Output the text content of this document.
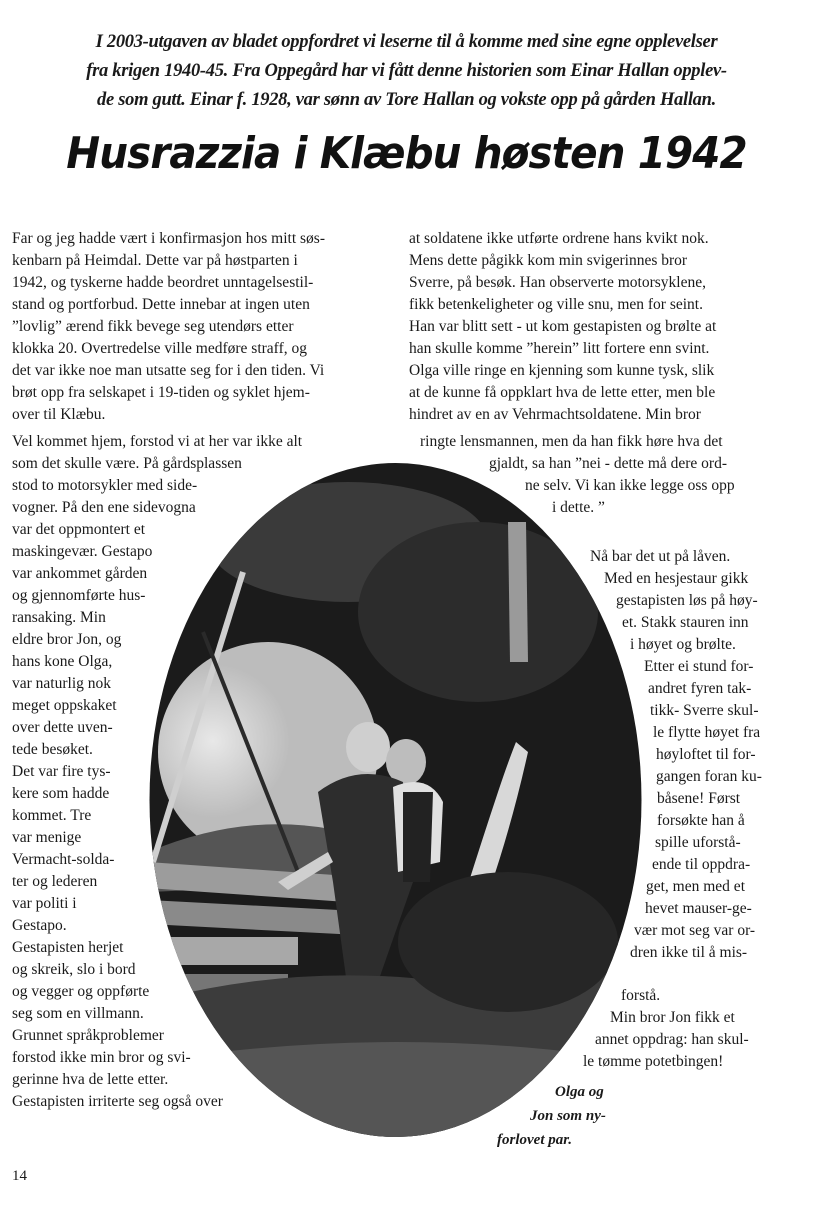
I 2003-utgaven av bladet oppfordret vi leserne til å komme med sine egne opplevelser
fra krigen 1940-45. Fra Oppegård har vi fått denne historien som Einar Hallan opplev-
de som gutt. Einar f. 1928, var sønn av Tore Hallan og vokste opp på gården Hallan.
Husrazzia i Klæbu høsten 1942
Far og jeg hadde vært i konfirmasjon hos mitt søs-
kenbarn på Heimdal. Dette var på høstparten i
1942, og tyskerne hadde beordret unntagelsestil-
stand og portforbud. Dette innebar at ingen uten
”lovlig” ærend fikk bevege seg utendørs etter
klokka 20. Overtredelse ville medføre straff, og
det var ikke noe man utsatte seg for i den tiden. Vi
brøt opp fra selskapet i 19-tiden og syklet hjem-
over til Klæbu.
Vel kommet hjem, forstod vi at her var ikke alt
som det skulle være. På gårdsplassen
stod to motorsykler med side-
vogner. På den ene sidevogna
var det oppmontert et
maskingevær. Gestapo
var ankommet gården
og gjennomførte hus-
ransaking. Min
eldre bror Jon, og
hans kone Olga,
var naturlig nok
meget oppskaket
over dette uven-
tede besøket.
Det var fire tys-
kere som hadde
kommet. Tre
var menige
Vermacht-solda-
ter og lederen
var politi i
Gestapo.
Gestapisten herjet
og skreik, slo i bord
og vegger og oppførte
seg som en villmann.
Grunnet språkproblemer
forstod ikke min bror og svi-
gerinne hva de lette etter.
Gestapisten irriterte seg også over
at soldatene ikke utførte ordrene hans kvikt nok.
Mens dette pågikk kom min svigerinnes bror
Sverre, på besøk. Han observerte motorsyklene,
fikk betenkeligheter og ville snu, men for seint.
Han var blitt sett - ut kom gestapisten og brølte at
han skulle komme ”herein” litt fortere enn svint.
Olga ville ringe en kjenning som kunne tysk, slik
at de kunne få oppklart hva de lette etter, men ble
hindret av en av Vehrmachtsoldatene. Min bror
ringte lensmannen, men da han fikk høre hva det
gjaldt, sa han ”nei - dette må dere ord-
ne selv. Vi kan ikke legge oss opp
i dette. ”
Nå bar det ut på låven.
Med en hesjestaur gikk
gestapisten løs på høy-
et. Stakk stauren inn
i høyet og brølte.
Etter ei stund for-
andret fyren tak-
tikk- Sverre skul-
le flytte høyet fra
høyloftet til for-
gangen foran ku-
båsene! Først
forsøkte han å
spille uforstå-
ende til oppdra-
get, men med et
hevet mauser-ge-
vær mot seg var or-
dren ikke til å mis-
forstå.
Min bror Jon fikk et
annet oppdrag: han skul-
le tømme potetbingen!
Olga og
Jon som ny-
forlovet par.
14
